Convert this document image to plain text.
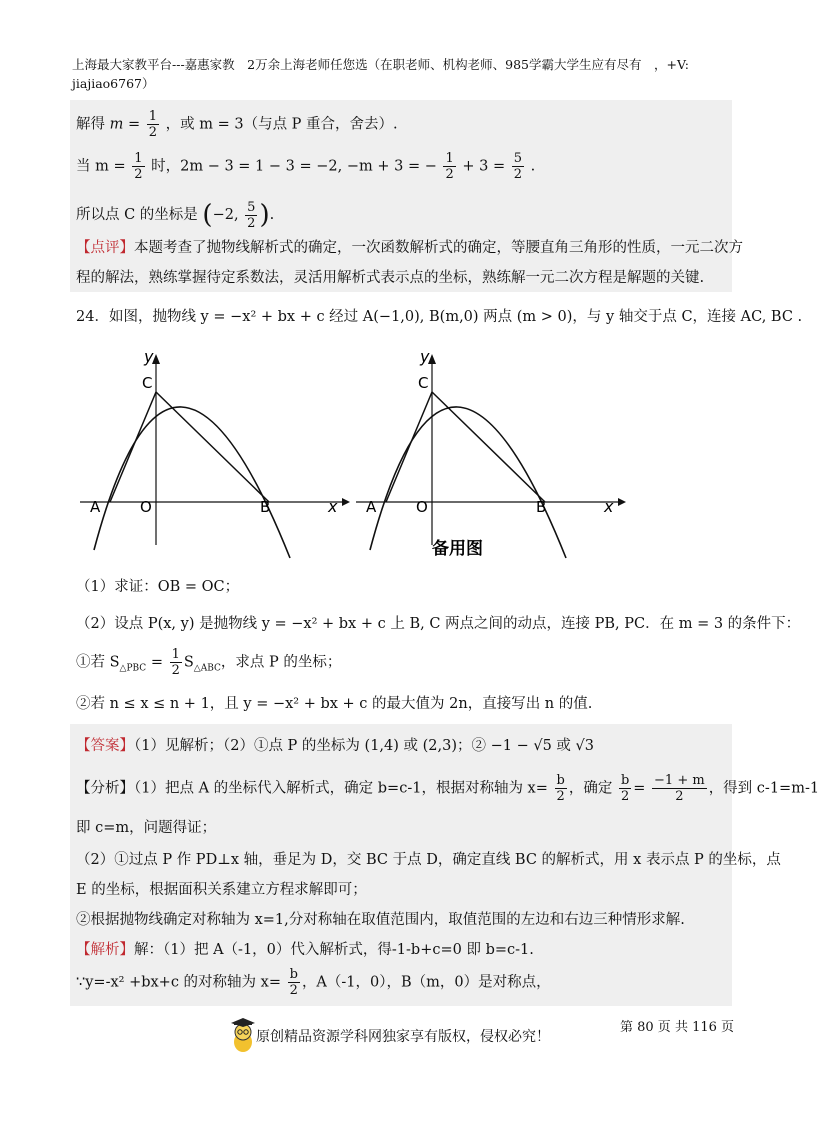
上海最大家教平台---嘉惠家教　2万余上海老师任您选（在职老师、机构老师、985学霸大学生应有尽有　，+V:
jiajiao6767）
解得 $m = \frac{1}{2}$ ，或 m = 3（与点 P 重合，舍去）.
当 $m = \frac{1}{2}$ 时，2m − 3 = 1 − 3 = −2, −m + 3 = − $\frac{1}{2} + 3 = \frac{5}{2}$ .
所以点 C 的坐标是 (−2, $\frac{5}{2}$ ).
【点评】本题考查了抛物线解析式的确定，一次函数解析式的确定，等腰直角三角形的性质，一元二次方
程的解法，熟练掌握待定系数法，灵活用解析式表示点的坐标，熟练解一元二次方程是解题的关键.
24．如图，抛物线 y = −x² + bx + c 经过 A(−1,0), B(m,0) 两点 (m > 0)，与 y 轴交于点 C，连接 AC, BC .
y
x
C
A	O	B
y
x
C
A	O	B
备用图
（1）求证：OB = OC；
（2）设点 P(x, y) 是抛物线 y = −x² + bx + c 上 B, C 两点之间的动点，连接 PB, PC．在 m = 3 的条件下：
①若 $S_{\triangle PBC} = \frac{1}{2} S_{\triangle ABC}$，求点 P 的坐标；
②若 n ≤ x ≤ n + 1，且 y = −x² + bx + c 的最大值为 2n，直接写出 n 的值.
【答案】（1）见解析；（2）①点 P 的坐标为 (1,4) 或 (2,3)；② −1 − √5 或 √3
【分析】（1）把点 A 的坐标代入解析式，确定 b=c-1，根据对称轴为 $x= \frac{b}{2}$ ，确定 $\frac{b}{2} = \frac{-1 + m}{2}$ ，得到 c-1=m-1
即 c=m，问题得证；
（2）①过点 P 作 PD⊥x 轴，垂足为 D，交 BC 于点 D，确定直线 BC 的解析式，用 x 表示点 P 的坐标，点
E 的坐标，根据面积关系建立方程求解即可；
②根据抛物线确定对称轴为 x=1,分对称轴在取值范围内，取值范围的左边和右边三种情形求解.
【解析】解：（1）把 A（-1，0）代入解析式，得-1-b+c=0 即 b=c-1.
∵y=-x² +bx+c 的对称轴为 $x= \frac{b}{2}$ ，A（-1，0），B（m，0）是对称点，
原创精品资源学科网独家享有版权，侵权必究！
第 80 页 共 116 页
